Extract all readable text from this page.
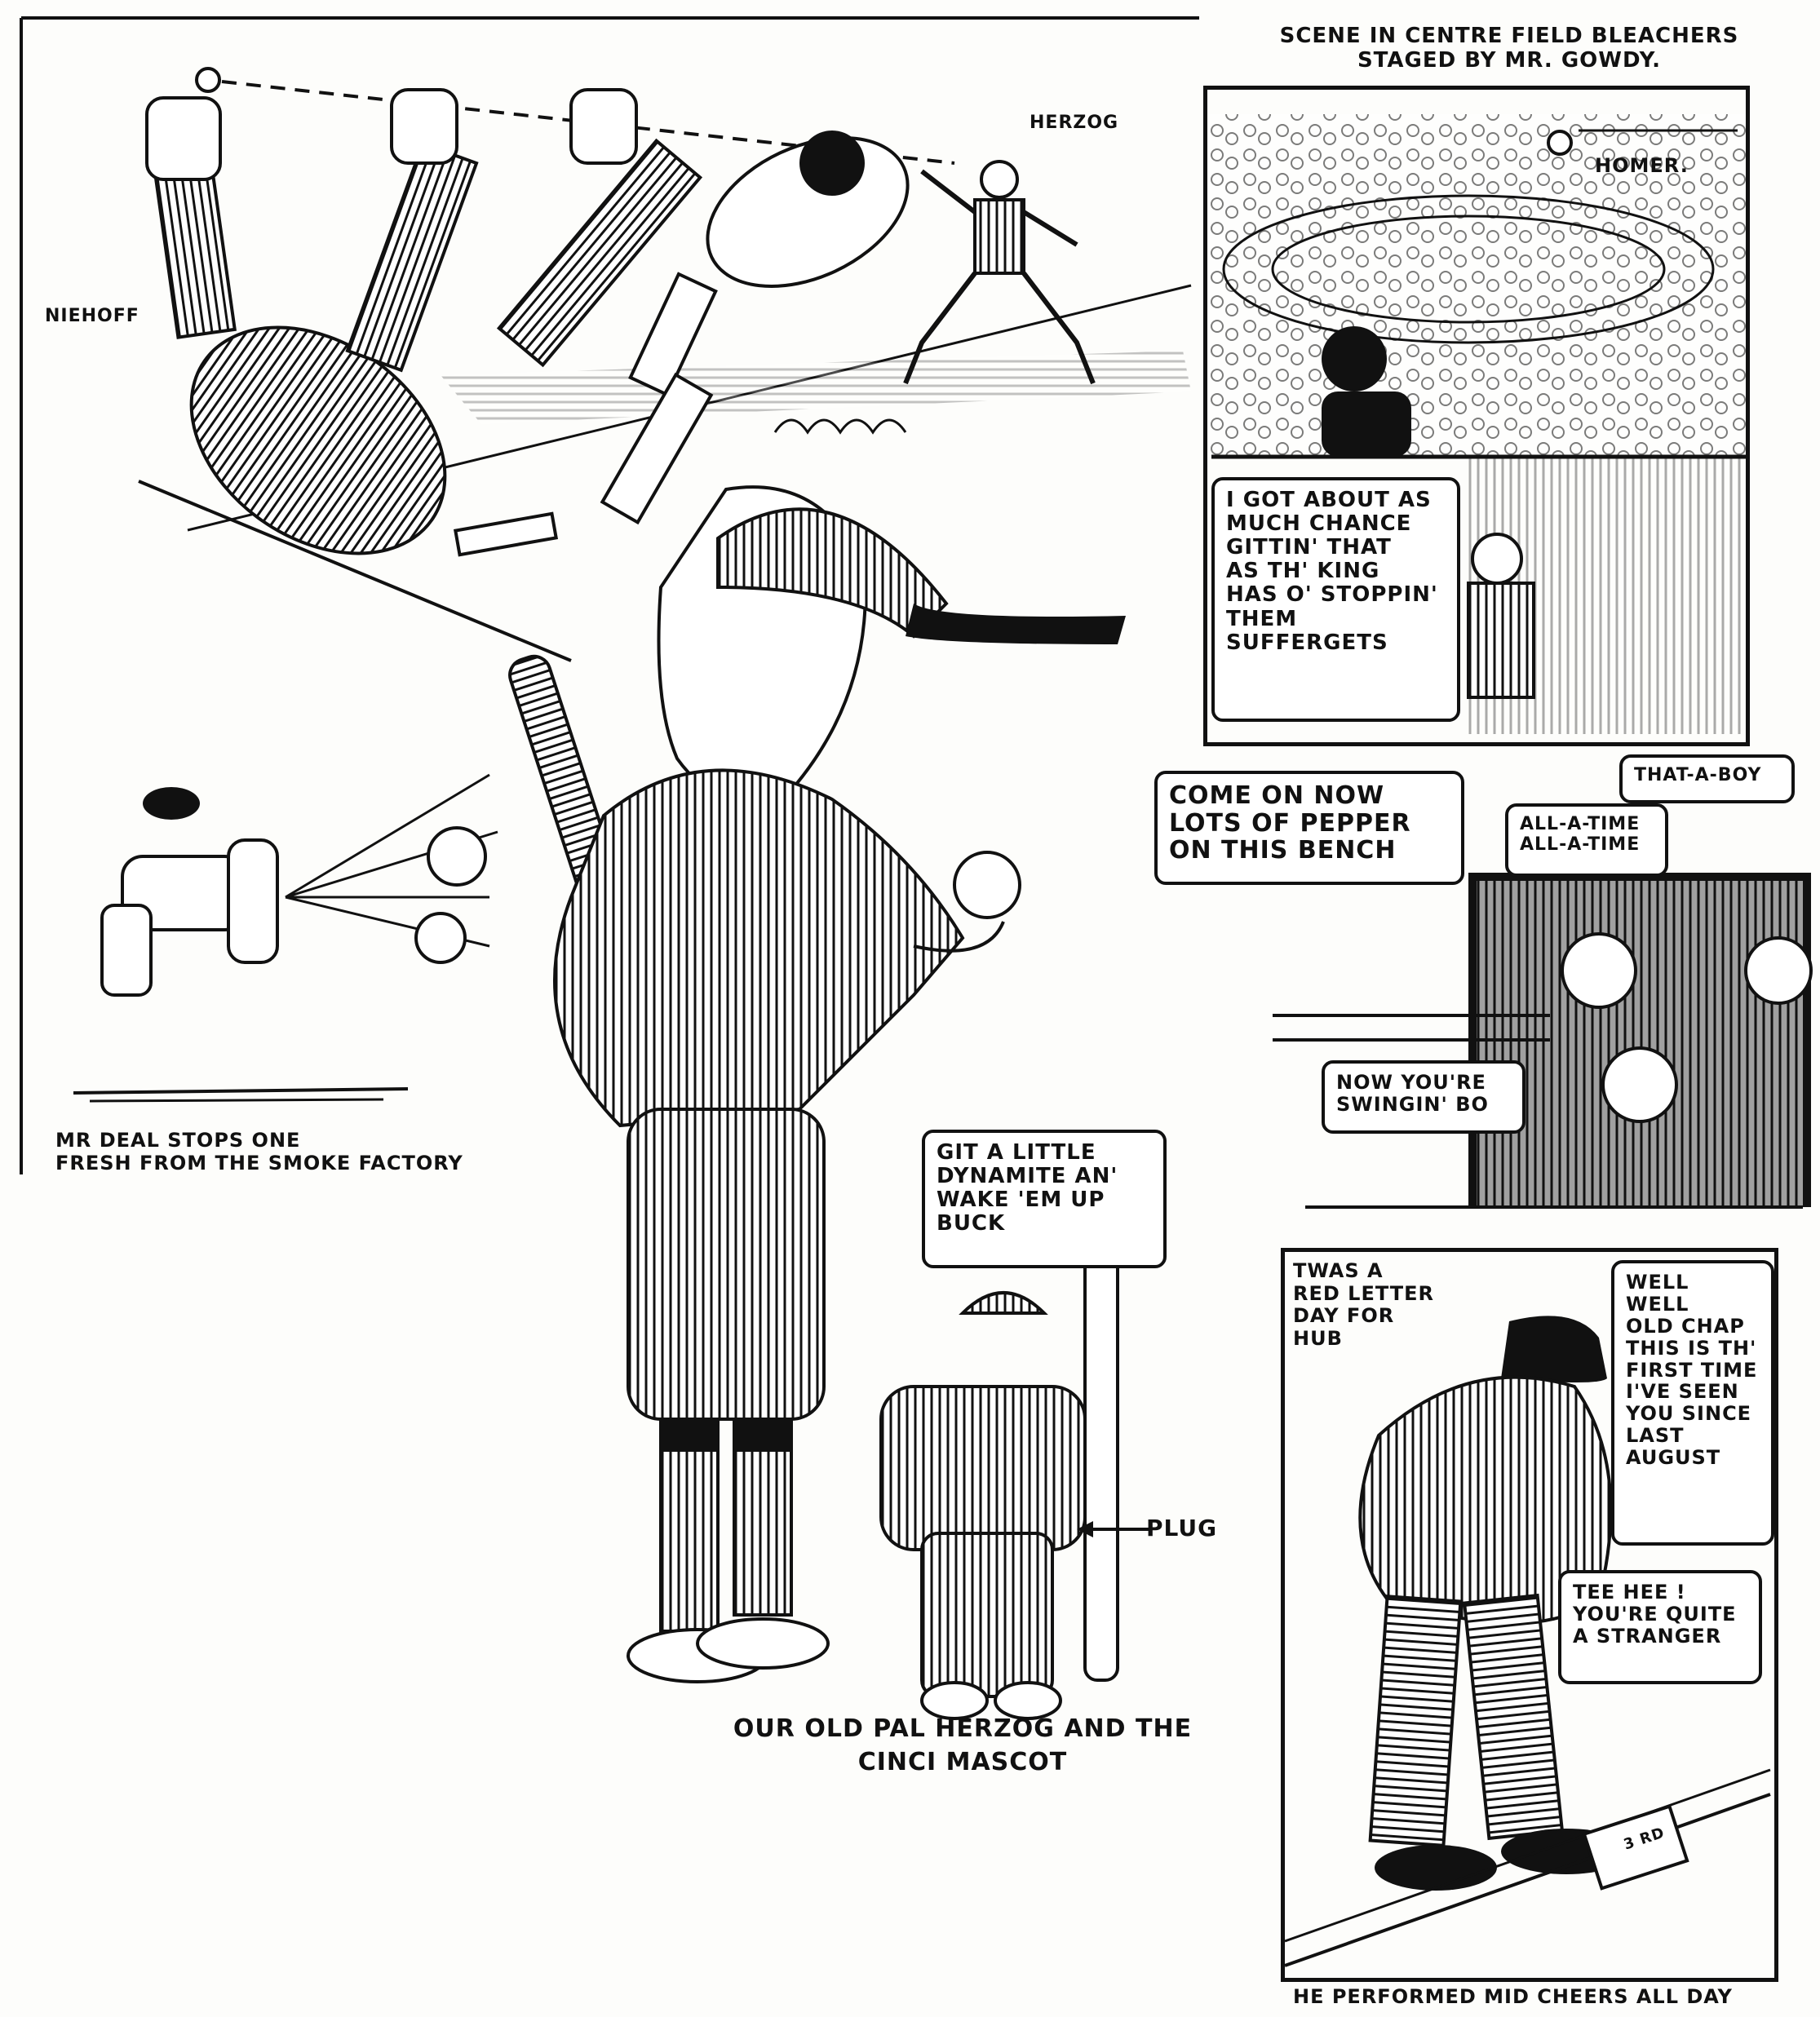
NIEHOFF
HERZOG
SCENE IN CENTRE FIELD BLEACHERS
STAGED BY MR. GOWDY.
HOMER.
MR DEAL STOPS ONE
FRESH FROM THE SMOKE FACTORY
PLUG
OUR OLD PAL HERZOG AND THE
CINCI MASCOT
TWAS A
RED LETTER
DAY FOR
HUB
HE PERFORMED MID CHEERS ALL DAY
3 RD
I GOT ABOUT AS
MUCH CHANCE
GITTIN' THAT
AS TH' KING
HAS O' STOPPIN'
THEM
SUFFERGETS
COME ON NOW
LOTS OF PEPPER
ON THIS BENCH
THAT-A-BOY
ALL-A-TIME
ALL-A-TIME
NOW YOU'RE
SWINGIN' BO
GIT A LITTLE
DYNAMITE AN'
WAKE 'EM UP
BUCK
WELL
WELL
OLD CHAP
THIS IS TH'
FIRST TIME
I'VE SEEN
YOU SINCE
LAST
AUGUST
TEE HEE !
YOU'RE QUITE
A STRANGER
